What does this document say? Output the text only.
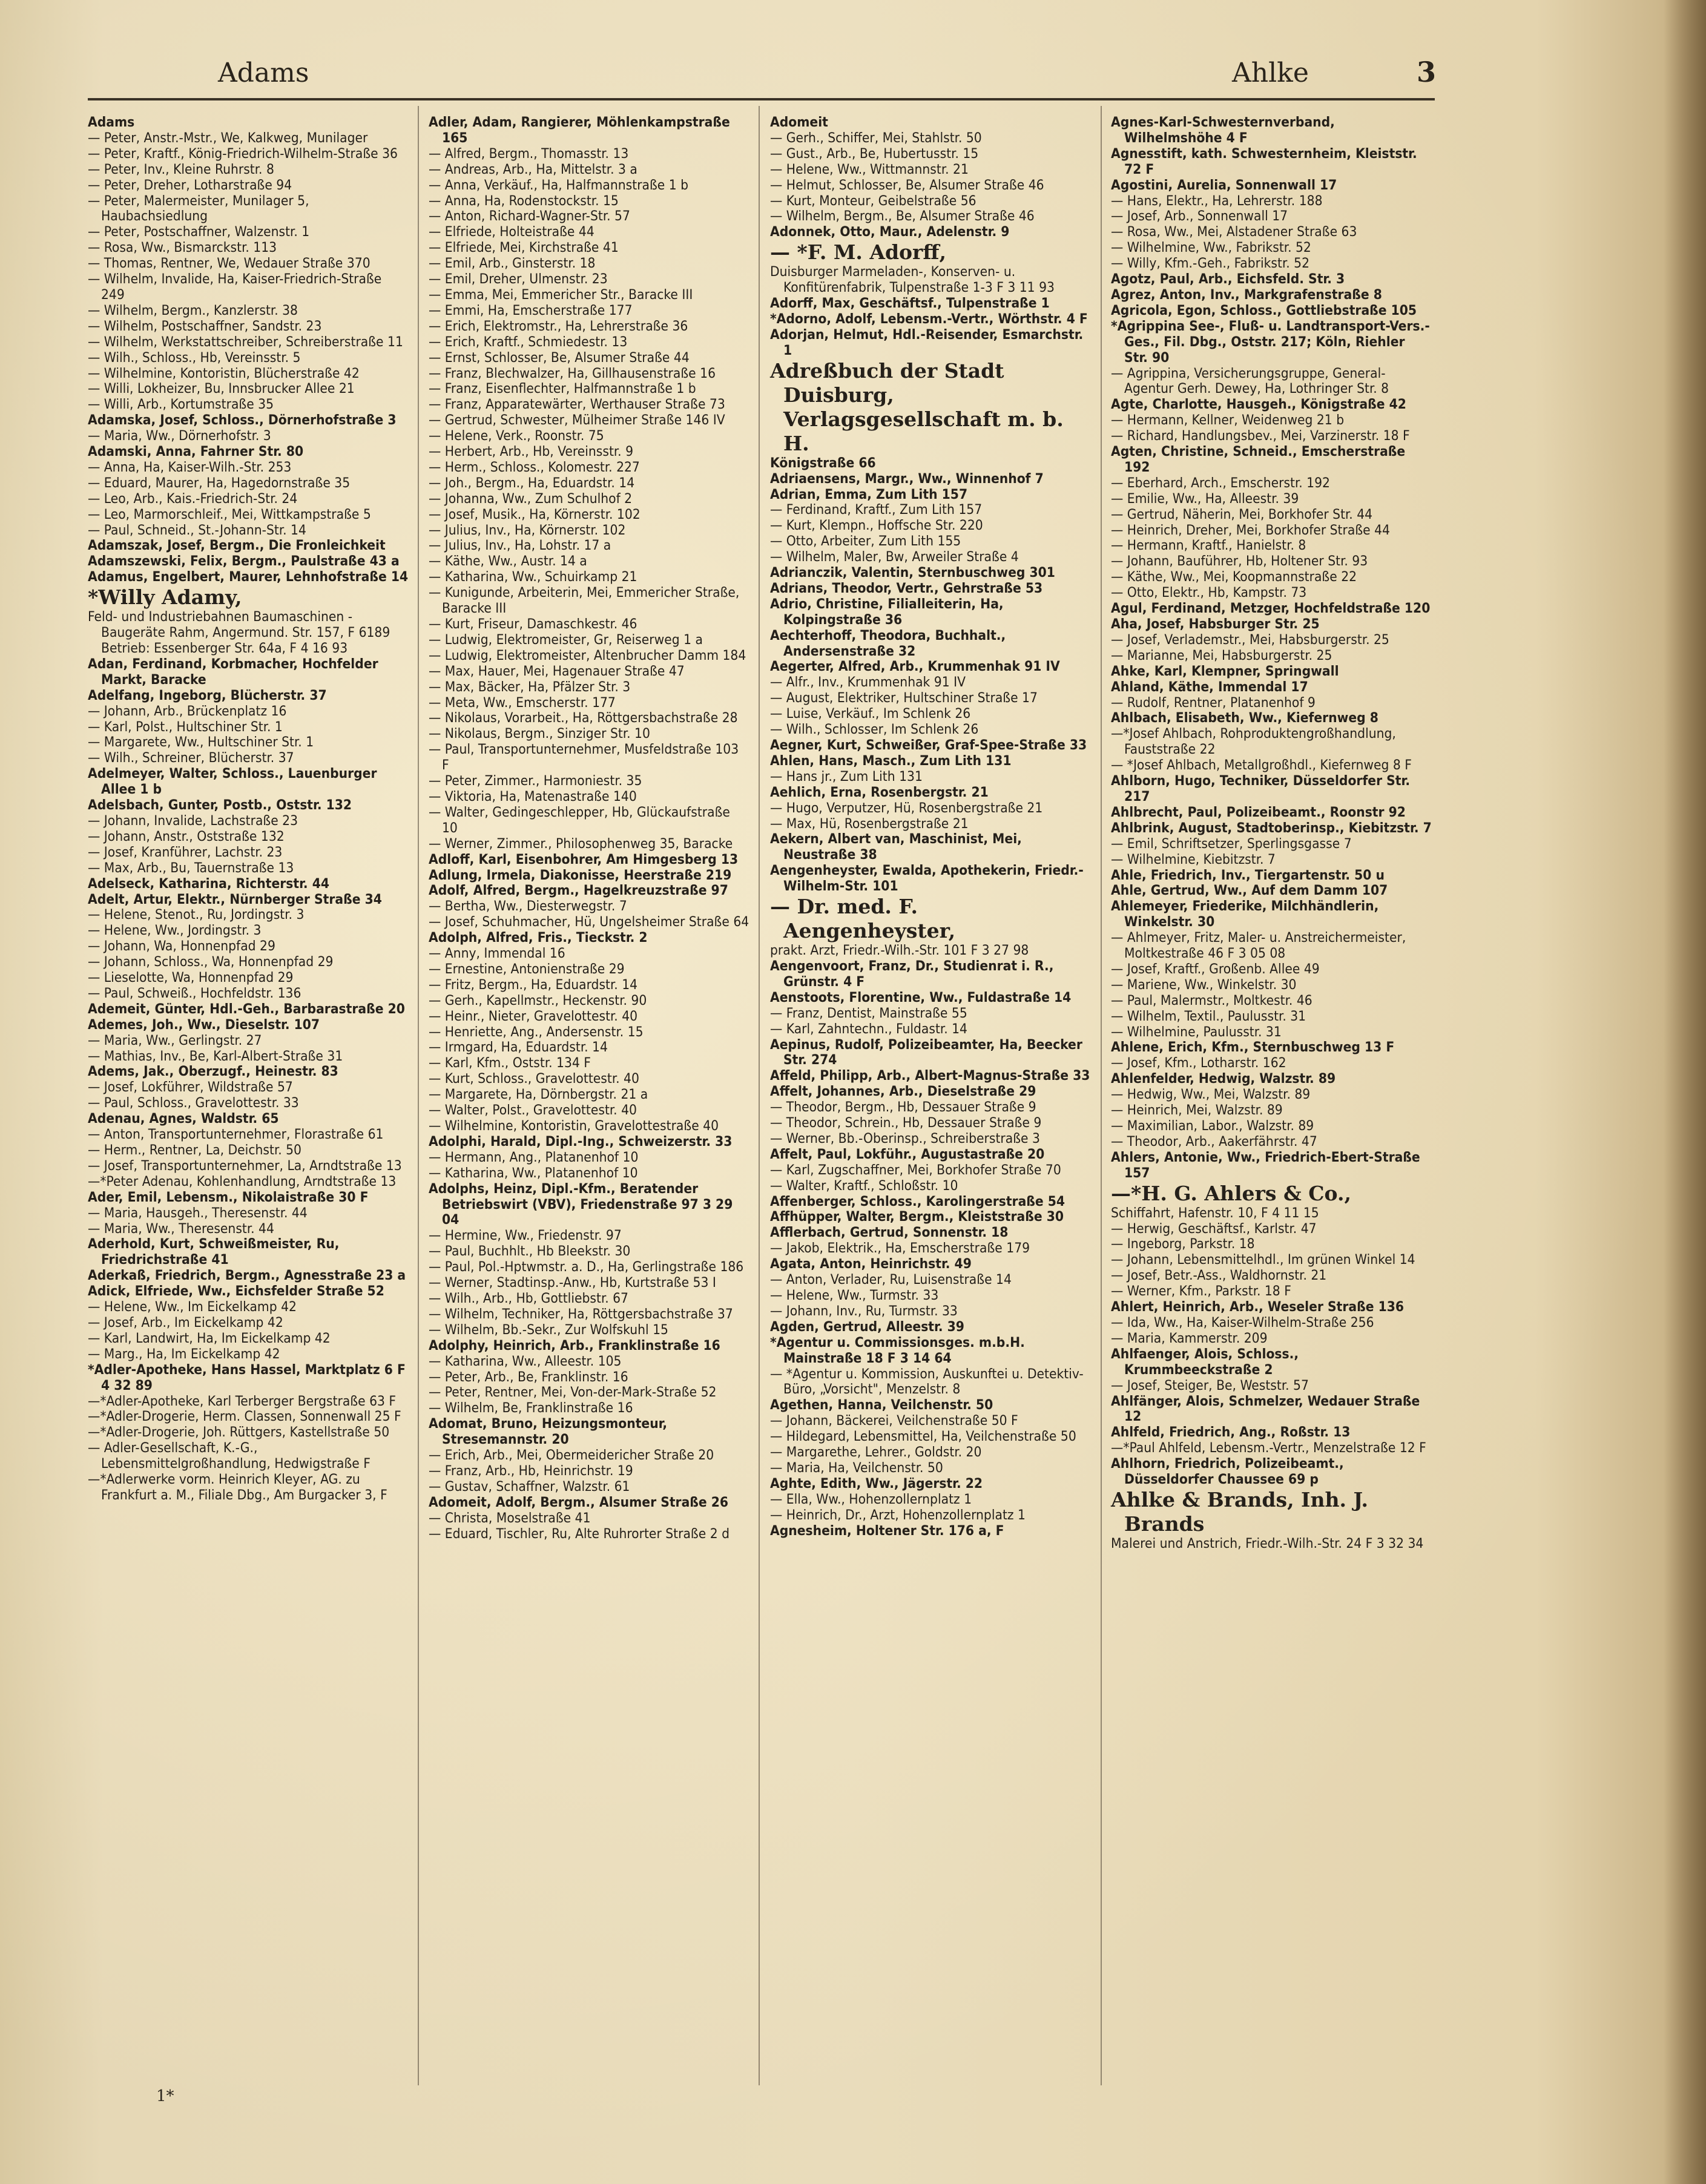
Adams	Ahlke	3
Adams
— Peter, Anstr.-Mstr., We, Kalkweg, Munilager
— Peter, Kraftf., König-Friedrich-Wilhelm-Straße 36
— Peter, Inv., Kleine Ruhrstr. 8
— Peter, Dreher, Lotharstraße 94
— Peter, Malermeister, Munilager 5, Haubachsiedlung
— Peter, Postschaffner, Walzenstr. 1
— Rosa, Ww., Bismarckstr. 113
— Thomas, Rentner, We, Wedauer Straße 370
— Wilhelm, Invalide, Ha, Kaiser-Friedrich-Straße 249
— Wilhelm, Bergm., Kanzlerstr. 38
— Wilhelm, Postschaffner, Sandstr. 23
— Wilhelm, Werkstattschreiber, Schreiberstraße 11
— Wilh., Schloss., Hb, Vereinsstr. 5
— Wilhelmine, Kontoristin, Blücherstraße 42
— Willi, Lokheizer, Bu, Innsbrucker Allee 21
— Willi, Arb., Kortumstraße 35
Adamska, Josef, Schloss., Dörnerhofstraße 3
— Maria, Ww., Dörnerhofstr. 3
Adamski, Anna, Fahrner Str. 80
— Anna, Ha, Kaiser-Wilh.-Str. 253
— Eduard, Maurer, Ha, Hagedornstraße 35
— Leo, Arb., Kais.-Friedrich-Str. 24
— Leo, Marmorschleif., Mei, Wittkampstraße 5
— Paul, Schneid., St.-Johann-Str. 14
Adamszak, Josef, Bergm., Die Fronleichkeit
Adamszewski, Felix, Bergm., Paulstraße 43 a
Adamus, Engelbert, Maurer, Lehnhofstraße 14
*Willy Adamy,
Feld- und Industriebahnen Baumaschinen - Baugeräte Rahm, Angermund. Str. 157, F 6189 Betrieb: Essenberger Str. 64a, F 4 16 93
Adan, Ferdinand, Korbmacher, Hochfelder Markt, Baracke
Adelfang, Ingeborg, Blücherstr. 37
— Johann, Arb., Brückenplatz 16
— Karl, Polst., Hultschiner Str. 1
— Margarete, Ww., Hultschiner Str. 1
— Wilh., Schreiner, Blücherstr. 37
Adelmeyer, Walter, Schloss., Lauenburger Allee 1 b
Adelsbach, Gunter, Postb., Oststr. 132
— Johann, Invalide, Lachstraße 23
— Johann, Anstr., Oststraße 132
— Josef, Kranführer, Lachstr. 23
— Max, Arb., Bu, Tauernstraße 13
Adelseck, Katharina, Richterstr. 44
Adelt, Artur, Elektr., Nürnberger Straße 34
— Helene, Stenot., Ru, Jordingstr. 3
— Helene, Ww., Jordingstr. 3
— Johann, Wa, Honnenpfad 29
— Johann, Schloss., Wa, Honnenpfad 29
— Lieselotte, Wa, Honnenpfad 29
— Paul, Schweiß., Hochfeldstr. 136
Ademeit, Günter, Hdl.-Geh., Barbarastraße 20
Ademes, Joh., Ww., Dieselstr. 107
— Maria, Ww., Gerlingstr. 27
— Mathias, Inv., Be, Karl-Albert-Straße 31
Adems, Jak., Oberzugf., Heinestr. 83
— Josef, Lokführer, Wildstraße 57
— Paul, Schloss., Gravelottestr. 33
Adenau, Agnes, Waldstr. 65
— Anton, Transportunternehmer, Florastraße 61
— Herm., Rentner, La, Deichstr. 50
— Josef, Transportunternehmer, La, Arndtstraße 13
—*Peter Adenau, Kohlenhandlung, Arndtstraße 13
Ader, Emil, Lebensm., Nikolaistraße 30 F
— Maria, Hausgeh., Theresenstr. 44
— Maria, Ww., Theresenstr. 44
Aderhold, Kurt, Schweißmeister, Ru, Friedrichstraße 41
Aderkaß, Friedrich, Bergm., Agnesstraße 23 a
Adick, Elfriede, Ww., Eichsfelder Straße 52
— Helene, Ww., Im Eickelkamp 42
— Josef, Arb., Im Eickelkamp 42
— Karl, Landwirt, Ha, Im Eickelkamp 42
— Marg., Ha, Im Eickelkamp 42
*Adler-Apotheke, Hans Hassel, Marktplatz 6 F 4 32 89
—*Adler-Apotheke, Karl Terberger Bergstraße 63 F
—*Adler-Drogerie, Herm. Classen, Sonnenwall 25 F
—*Adler-Drogerie, Joh. Rüttgers, Kastellstraße 50
— Adler-Gesellschaft, K.-G., Lebensmittelgroßhandlung, Hedwigstraße F
—*Adlerwerke vorm. Heinrich Kleyer, AG. zu Frankfurt a. M., Filiale Dbg., Am Burgacker 3, F
Adler, Adam, Rangierer, Möhlenkampstraße 165
— Alfred, Bergm., Thomasstr. 13
— Andreas, Arb., Ha, Mittelstr. 3 a
— Anna, Verkäuf., Ha, Halfmannstraße 1 b
— Anna, Ha, Rodenstockstr. 15
— Anton, Richard-Wagner-Str. 57
— Elfriede, Holteistraße 44
— Elfriede, Mei, Kirchstraße 41
— Emil, Arb., Ginsterstr. 18
— Emil, Dreher, Ulmenstr. 23
— Emma, Mei, Emmericher Str., Baracke III
— Emmi, Ha, Emscherstraße 177
— Erich, Elektromstr., Ha, Lehrerstraße 36
— Erich, Kraftf., Schmiedestr. 13
— Ernst, Schlosser, Be, Alsumer Straße 44
— Franz, Blechwalzer, Ha, Gillhausenstraße 16
— Franz, Eisenflechter, Halfmannstraße 1 b
— Franz, Apparatewärter, Werthauser Straße 73
— Gertrud, Schwester, Mülheimer Straße 146 IV
— Helene, Verk., Roonstr. 75
— Herbert, Arb., Hb, Vereinsstr. 9
— Herm., Schloss., Kolomestr. 227
— Joh., Bergm., Ha, Eduardstr. 14
— Johanna, Ww., Zum Schulhof 2
— Josef, Musik., Ha, Körnerstr. 102
— Julius, Inv., Ha, Körnerstr. 102
— Julius, Inv., Ha, Lohstr. 17 a
— Käthe, Ww., Austr. 14 a
— Katharina, Ww., Schuirkamp 21
— Kunigunde, Arbeiterin, Mei, Emmericher Straße, Baracke III
— Kurt, Friseur, Damaschkestr. 46
— Ludwig, Elektromeister, Gr, Reiserweg 1 a
— Ludwig, Elektromeister, Altenbrucher Damm 184
— Max, Hauer, Mei, Hagenauer Straße 47
— Max, Bäcker, Ha, Pfälzer Str. 3
— Meta, Ww., Emscherstr. 177
— Nikolaus, Vorarbeit., Ha, Röttgersbachstraße 28
— Nikolaus, Bergm., Sinziger Str. 10
— Paul, Transportunternehmer, Musfeldstraße 103 F
— Peter, Zimmer., Harmoniestr. 35
— Viktoria, Ha, Matenastraße 140
— Walter, Gedingeschlepper, Hb, Glückaufstraße 10
— Werner, Zimmer., Philosophenweg 35, Baracke
Adloff, Karl, Eisenbohrer, Am Himgesberg 13
Adlung, Irmela, Diakonisse, Heerstraße 219
Adolf, Alfred, Bergm., Hagelkreuzstraße 97
— Bertha, Ww., Diesterwegstr. 7
— Josef, Schuhmacher, Hü, Ungelsheimer Straße 64
Adolph, Alfred, Fris., Tieckstr. 2
— Anny, Immendal 16
— Ernestine, Antonienstraße 29
— Fritz, Bergm., Ha, Eduardstr. 14
— Gerh., Kapellmstr., Heckenstr. 90
— Heinr., Nieter, Gravelottestr. 40
— Henriette, Ang., Andersenstr. 15
— Irmgard, Ha, Eduardstr. 14
— Karl, Kfm., Oststr. 134 F
— Kurt, Schloss., Gravelottestr. 40
— Margarete, Ha, Dörnbergstr. 21 a
— Walter, Polst., Gravelottestr. 40
— Wilhelmine, Kontoristin, Gravelottestraße 40
Adolphi, Harald, Dipl.-Ing., Schweizerstr. 33
— Hermann, Ang., Platanenhof 10
— Katharina, Ww., Platanenhof 10
Adolphs, Heinz, Dipl.-Kfm., Beratender Betriebswirt (VBV), Friedenstraße 97 3 29 04
— Hermine, Ww., Friedenstr. 97
— Paul, Buchhlt., Hb Bleekstr. 30
— Paul, Pol.-Hptwmstr. a. D., Ha, Gerlingstraße 186
— Werner, Stadtinsp.-Anw., Hb, Kurtstraße 53 I
— Wilh., Arb., Hb, Gottliebstr. 67
— Wilhelm, Techniker, Ha, Röttgersbachstraße 37
— Wilhelm, Bb.-Sekr., Zur Wolfskuhl 15
Adolphy, Heinrich, Arb., Franklinstraße 16
— Katharina, Ww., Alleestr. 105
— Peter, Arb., Be, Franklinstr. 16
— Peter, Rentner, Mei, Von-der-Mark-Straße 52
— Wilhelm, Be, Franklinstraße 16
Adomat, Bruno, Heizungsmonteur, Stresemannstr. 20
— Erich, Arb., Mei, Obermeidericher Straße 20
— Franz, Arb., Hb, Heinrichstr. 19
— Gustav, Schaffner, Walzstr. 61
Adomeit, Adolf, Bergm., Alsumer Straße 26
— Christa, Moselstraße 41
— Eduard, Tischler, Ru, Alte Ruhrorter Straße 2 d
Adomeit
— Gerh., Schiffer, Mei, Stahlstr. 50
— Gust., Arb., Be, Hubertusstr. 15
— Helene, Ww., Wittmannstr. 21
— Helmut, Schlosser, Be, Alsumer Straße 46
— Kurt, Monteur, Geibelstraße 56
— Wilhelm, Bergm., Be, Alsumer Straße 46
Adonnek, Otto, Maur., Adelenstr. 9
— *F. M. Adorff,
Duisburger Marmeladen-, Konserven- u. Konfitürenfabrik, Tulpenstraße 1-3 F 3 11 93
Adorff, Max, Geschäftsf., Tulpenstraße 1
*Adorno, Adolf, Lebensm.-Vertr., Wörthstr. 4 F
Adorjan, Helmut, Hdl.-Reisender, Esmarchstr. 1
Adreßbuch der Stadt Duisburg, Verlagsgesellschaft m. b. H.
Königstraße 66
Adriaensens, Margr., Ww., Winnenhof 7
Adrian, Emma, Zum Lith 157
— Ferdinand, Kraftf., Zum Lith 157
— Kurt, Klempn., Hoffsche Str. 220
— Otto, Arbeiter, Zum Lith 155
— Wilhelm, Maler, Bw, Arweiler Straße 4
Adrianczik, Valentin, Sternbuschweg 301
Adrians, Theodor, Vertr., Gehrstraße 53
Adrio, Christine, Filialleiterin, Ha, Kolpingstraße 36
Aechterhoff, Theodora, Buchhalt., Andersenstraße 32
Aegerter, Alfred, Arb., Krummenhak 91 IV
— Alfr., Inv., Krummenhak 91 IV
— August, Elektriker, Hultschiner Straße 17
— Luise, Verkäuf., Im Schlenk 26
— Wilh., Schlosser, Im Schlenk 26
Aegner, Kurt, Schweißer, Graf-Spee-Straße 33
Ahlen, Hans, Masch., Zum Lith 131
— Hans jr., Zum Lith 131
Aehlich, Erna, Rosenbergstr. 21
— Hugo, Verputzer, Hü, Rosenbergstraße 21
— Max, Hü, Rosenbergstraße 21
Aekern, Albert van, Maschinist, Mei, Neustraße 38
Aengenheyster, Ewalda, Apothekerin, Friedr.-Wilhelm-Str. 101
— Dr. med. F. Aengenheyster,
prakt. Arzt, Friedr.-Wilh.-Str. 101 F 3 27 98
Aengenvoort, Franz, Dr., Studienrat i. R., Grünstr. 4 F
Aenstoots, Florentine, Ww., Fuldastraße 14
— Franz, Dentist, Mainstraße 55
— Karl, Zahntechn., Fuldastr. 14
Aepinus, Rudolf, Polizeibeamter, Ha, Beecker Str. 274
Affeld, Philipp, Arb., Albert-Magnus-Straße 33
Affelt, Johannes, Arb., Dieselstraße 29
— Theodor, Bergm., Hb, Dessauer Straße 9
— Theodor, Schrein., Hb, Dessauer Straße 9
— Werner, Bb.-Oberinsp., Schreiberstraße 3
Affelt, Paul, Lokführ., Augustastraße 20
— Karl, Zugschaffner, Mei, Borkhofer Straße 70
— Walter, Kraftf., Schloßstr. 10
Affenberger, Schloss., Karolingerstraße 54
Affhüpper, Walter, Bergm., Kleiststraße 30
Afflerbach, Gertrud, Sonnenstr. 18
— Jakob, Elektrik., Ha, Emscherstraße 179
Agata, Anton, Heinrichstr. 49
— Anton, Verlader, Ru, Luisenstraße 14
— Helene, Ww., Turmstr. 33
— Johann, Inv., Ru, Turmstr. 33
Agden, Gertrud, Alleestr. 39
*Agentur u. Commissionsges. m.b.H. Mainstraße 18 F 3 14 64
— *Agentur u. Kommission, Auskunftei u. Detektiv-Büro, „Vorsicht", Menzelstr. 8
Agethen, Hanna, Veilchenstr. 50
— Johann, Bäckerei, Veilchenstraße 50 F
— Hildegard, Lebensmittel, Ha, Veilchenstraße 50
— Margarethe, Lehrer., Goldstr. 20
— Maria, Ha, Veilchenstr. 50
Aghte, Edith, Ww., Jägerstr. 22
— Ella, Ww., Hohenzollernplatz 1
— Heinrich, Dr., Arzt, Hohenzollernplatz 1
Agnesheim, Holtener Str. 176 a, F
Agnes-Karl-Schwesternverband, Wilhelmshöhe 4 F
Agnesstift, kath. Schwesternheim, Kleiststr. 72 F
Agostini, Aurelia, Sonnenwall 17
— Hans, Elektr., Ha, Lehrerstr. 188
— Josef, Arb., Sonnenwall 17
— Rosa, Ww., Mei, Alstadener Straße 63
— Wilhelmine, Ww., Fabrikstr. 52
— Willy, Kfm.-Geh., Fabrikstr. 52
Agotz, Paul, Arb., Eichsfeld. Str. 3
Agrez, Anton, Inv., Markgrafenstraße 8
Agricola, Egon, Schloss., Gottliebstraße 105
*Agrippina See-, Fluß- u. Landtransport-Vers.-Ges., Fil. Dbg., Oststr. 217; Köln, Riehler Str. 90
— Agrippina, Versicherungsgruppe, General-Agentur Gerh. Dewey, Ha, Lothringer Str. 8
Agte, Charlotte, Hausgeh., Königstraße 42
— Hermann, Kellner, Weidenweg 21 b
— Richard, Handlungsbev., Mei, Varzinerstr. 18 F
Agten, Christine, Schneid., Emscherstraße 192
— Eberhard, Arch., Emscherstr. 192
— Emilie, Ww., Ha, Alleestr. 39
— Gertrud, Näherin, Mei, Borkhofer Str. 44
— Heinrich, Dreher, Mei, Borkhofer Straße 44
— Hermann, Kraftf., Hanielstr. 8
— Johann, Bauführer, Hb, Holtener Str. 93
— Käthe, Ww., Mei, Koopmannstraße 22
— Otto, Elektr., Hb, Kampstr. 73
Agul, Ferdinand, Metzger, Hochfeldstraße 120
Aha, Josef, Habsburger Str. 25
— Josef, Verlademstr., Mei, Habsburgerstr. 25
— Marianne, Mei, Habsburgerstr. 25
Ahke, Karl, Klempner, Springwall
Ahland, Käthe, Immendal 17
— Rudolf, Rentner, Platanenhof 9
Ahlbach, Elisabeth, Ww., Kiefernweg 8
—*Josef Ahlbach, Rohproduktengroßhandlung, Fauststraße 22
— *Josef Ahlbach, Metallgroßhdl., Kiefernweg 8 F
Ahlborn, Hugo, Techniker, Düsseldorfer Str. 217
Ahlbrecht, Paul, Polizeibeamt., Roonstr 92
Ahlbrink, August, Stadtoberinsp., Kiebitzstr. 7
— Emil, Schriftsetzer, Sperlingsgasse 7
— Wilhelmine, Kiebitzstr. 7
Ahle, Friedrich, Inv., Tiergartenstr. 50 u
Ahle, Gertrud, Ww., Auf dem Damm 107
Ahlemeyer, Friederike, Milchhändlerin, Winkelstr. 30
— Ahlmeyer, Fritz, Maler- u. Anstreichermeister, Moltkestraße 46 F 3 05 08
— Josef, Kraftf., Großenb. Allee 49
— Mariene, Ww., Winkelstr. 30
— Paul, Malermstr., Moltkestr. 46
— Wilhelm, Textil., Paulusstr. 31
— Wilhelmine, Paulusstr. 31
Ahlene, Erich, Kfm., Sternbuschweg 13 F
— Josef, Kfm., Lotharstr. 162
Ahlenfelder, Hedwig, Walzstr. 89
— Hedwig, Ww., Mei, Walzstr. 89
— Heinrich, Mei, Walzstr. 89
— Maximilian, Labor., Walzstr. 89
— Theodor, Arb., Aakerfährstr. 47
Ahlers, Antonie, Ww., Friedrich-Ebert-Straße 157
—*H. G. Ahlers & Co.,
Schiffahrt, Hafenstr. 10, F 4 11 15
— Herwig, Geschäftsf., Karlstr. 47
— Ingeborg, Parkstr. 18
— Johann, Lebensmittelhdl., Im grünen Winkel 14
— Josef, Betr.-Ass., Waldhornstr. 21
— Werner, Kfm., Parkstr. 18 F
Ahlert, Heinrich, Arb., Weseler Straße 136
— Ida, Ww., Ha, Kaiser-Wilhelm-Straße 256
— Maria, Kammerstr. 209
Ahlfaenger, Alois, Schloss., Krummbeeckstraße 2
— Josef, Steiger, Be, Weststr. 57
Ahlfänger, Alois, Schmelzer, Wedauer Straße 12
Ahlfeld, Friedrich, Ang., Roßstr. 13
—*Paul Ahlfeld, Lebensm.-Vertr., Menzelstraße 12 F
Ahlhorn, Friedrich, Polizeibeamt., Düsseldorfer Chaussee 69 p
Ahlke & Brands, Inh. J. Brands
Malerei und Anstrich, Friedr.-Wilh.-Str. 24 F 3 32 34
1*
